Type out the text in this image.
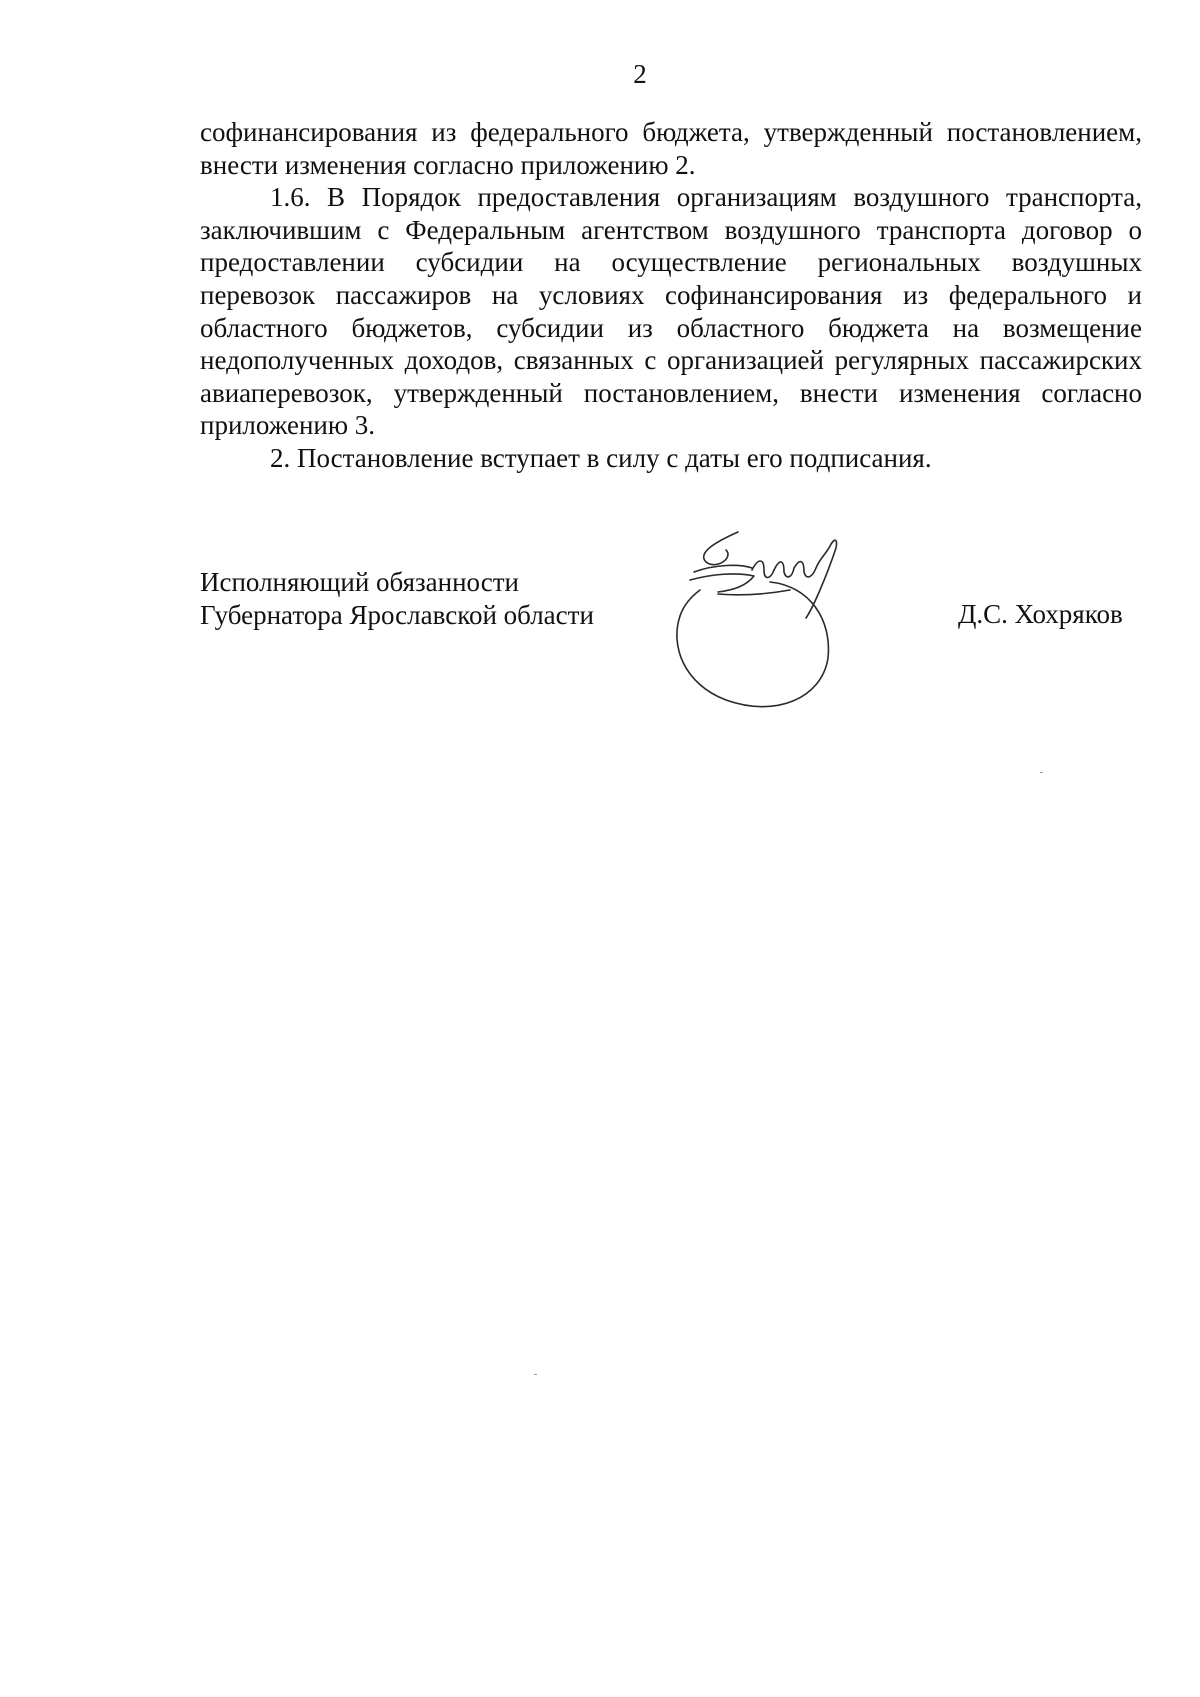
2

софинансирования из федерального бюджета, утвержденный постановлением, внести изменения согласно приложению 2.

1.6. В Порядок предоставления организациям воздушного транспорта, заключившим с Федеральным агентством воздушного транспорта договор о предоставлении субсидии на осуществление региональных воздушных перевозок пассажиров на условиях софинансирования из федерального и областного бюджетов, субсидии из областного бюджета на возмещение недополученных доходов, связанных с организацией регулярных пассажирских авиаперевозок, утвержденный постановлением, внести изменения согласно приложению 3.

2. Постановление вступает в силу с даты его подписания.

Исполняющий обязанности
Губернатора Ярославской области	Д.С. Хохряков
